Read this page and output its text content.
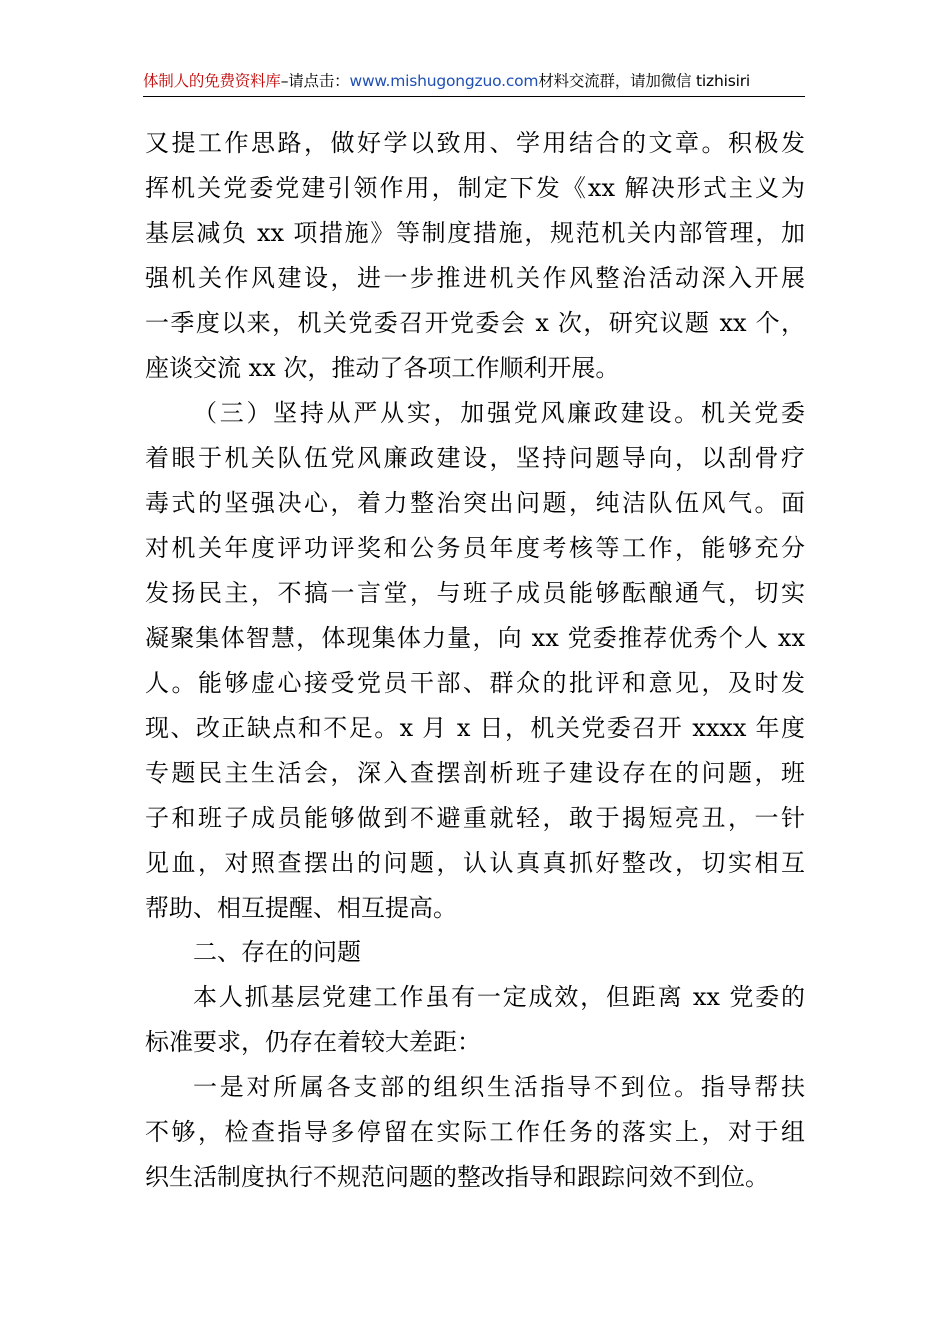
体制人的免费资料库–请点击：www.mishugongzuo.com材料交流群，请加微信 tizhisiri
又提工作思路，做好学以致用、学用结合的文章。积极发
挥机关党委党建引领作用，制定下发《xx 解决形式主义为
基层减负 xx 项措施》等制度措施，规范机关内部管理，加
强机关作风建设，进一步推进机关作风整治活动深入开展
一季度以来，机关党委召开党委会 x 次，研究议题 xx 个，
座谈交流 xx 次，推动了各项工作顺利开展。
（三）坚持从严从实，加强党风廉政建设。机关党委
着眼于机关队伍党风廉政建设，坚持问题导向，以刮骨疗
毒式的坚强决心，着力整治突出问题，纯洁队伍风气。面
对机关年度评功评奖和公务员年度考核等工作，能够充分
发扬民主，不搞一言堂，与班子成员能够酝酿通气，切实
凝聚集体智慧，体现集体力量，向 xx 党委推荐优秀个人 xx
人。能够虚心接受党员干部、群众的批评和意见，及时发
现、改正缺点和不足。x 月 x 日，机关党委召开 xxxx 年度
专题民主生活会，深入查摆剖析班子建设存在的问题，班
子和班子成员能够做到不避重就轻，敢于揭短亮丑，一针
见血，对照查摆出的问题，认认真真抓好整改，切实相互
帮助、相互提醒、相互提高。
二、存在的问题
本人抓基层党建工作虽有一定成效，但距离 xx 党委的
标准要求，仍存在着较大差距：
一是对所属各支部的组织生活指导不到位。指导帮扶
不够，检查指导多停留在实际工作任务的落实上，对于组
织生活制度执行不规范问题的整改指导和跟踪问效不到位。
